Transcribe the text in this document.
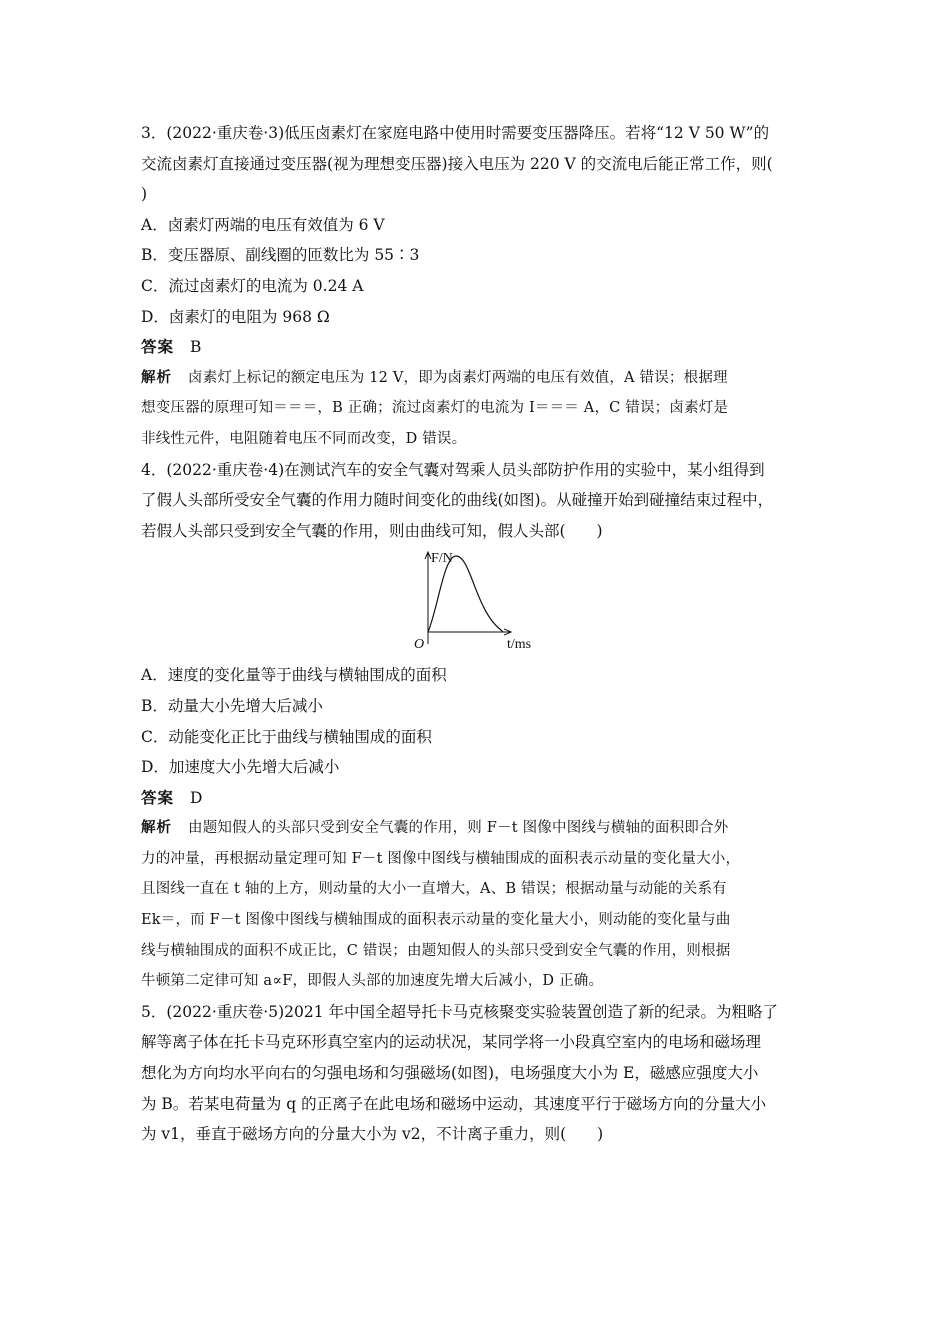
3．(2022·重庆卷·3)低压卤素灯在家庭电路中使用时需要变压器降压。若将“12 V 50 W”的
交流卤素灯直接通过变压器(视为理想变压器)接入电压为 220 V 的交流电后能正常工作，则(
)
A．卤素灯两端的电压有效值为 6 V
B．变压器原、副线圈的匝数比为 55∶3
C．流过卤素灯的电流为 0.24 A
D．卤素灯的电阻为 968 Ω
答案 B
解析 卤素灯上标记的额定电压为 12 V，即为卤素灯两端的电压有效值，A 错误；根据理
想变压器的原理可知＝＝＝，B 正确；流过卤素灯的电流为 I＝＝＝ A，C 错误；卤素灯是
非线性元件，电阻随着电压不同而改变，D 错误。
4．(2022·重庆卷·4)在测试汽车的安全气囊对驾乘人员头部防护作用的实验中，某小组得到
了假人头部所受安全气囊的作用力随时间变化的曲线(如图)。从碰撞开始到碰撞结束过程中，
若假人头部只受到安全气囊的作用，则由曲线可知，假人头部(　　)
F/N
O	t/ms
A．速度的变化量等于曲线与横轴围成的面积
B．动量大小先增大后减小
C．动能变化正比于曲线与横轴围成的面积
D．加速度大小先增大后减小
答案 D
解析 由题知假人的头部只受到安全气囊的作用，则 F－t 图像中图线与横轴的面积即合外
力的冲量，再根据动量定理可知 F－t 图像中图线与横轴围成的面积表示动量的变化量大小，
且图线一直在 t 轴的上方，则动量的大小一直增大，A、B 错误；根据动量与动能的关系有
Ek＝，而 F－t 图像中图线与横轴围成的面积表示动量的变化量大小，则动能的变化量与曲
线与横轴围成的面积不成正比，C 错误；由题知假人的头部只受到安全气囊的作用，则根据
牛顿第二定律可知 a∝F，即假人头部的加速度先增大后减小，D 正确。
5．(2022·重庆卷·5)2021 年中国全超导托卡马克核聚变实验装置创造了新的纪录。为粗略了
解等离子体在托卡马克环形真空室内的运动状况，某同学将一小段真空室内的电场和磁场理
想化为方向均水平向右的匀强电场和匀强磁场(如图)，电场强度大小为 E，磁感应强度大小
为 B。若某电荷量为 q 的正离子在此电场和磁场中运动，其速度平行于磁场方向的分量大小
为 v1，垂直于磁场方向的分量大小为 v2，不计离子重力，则(　　)
